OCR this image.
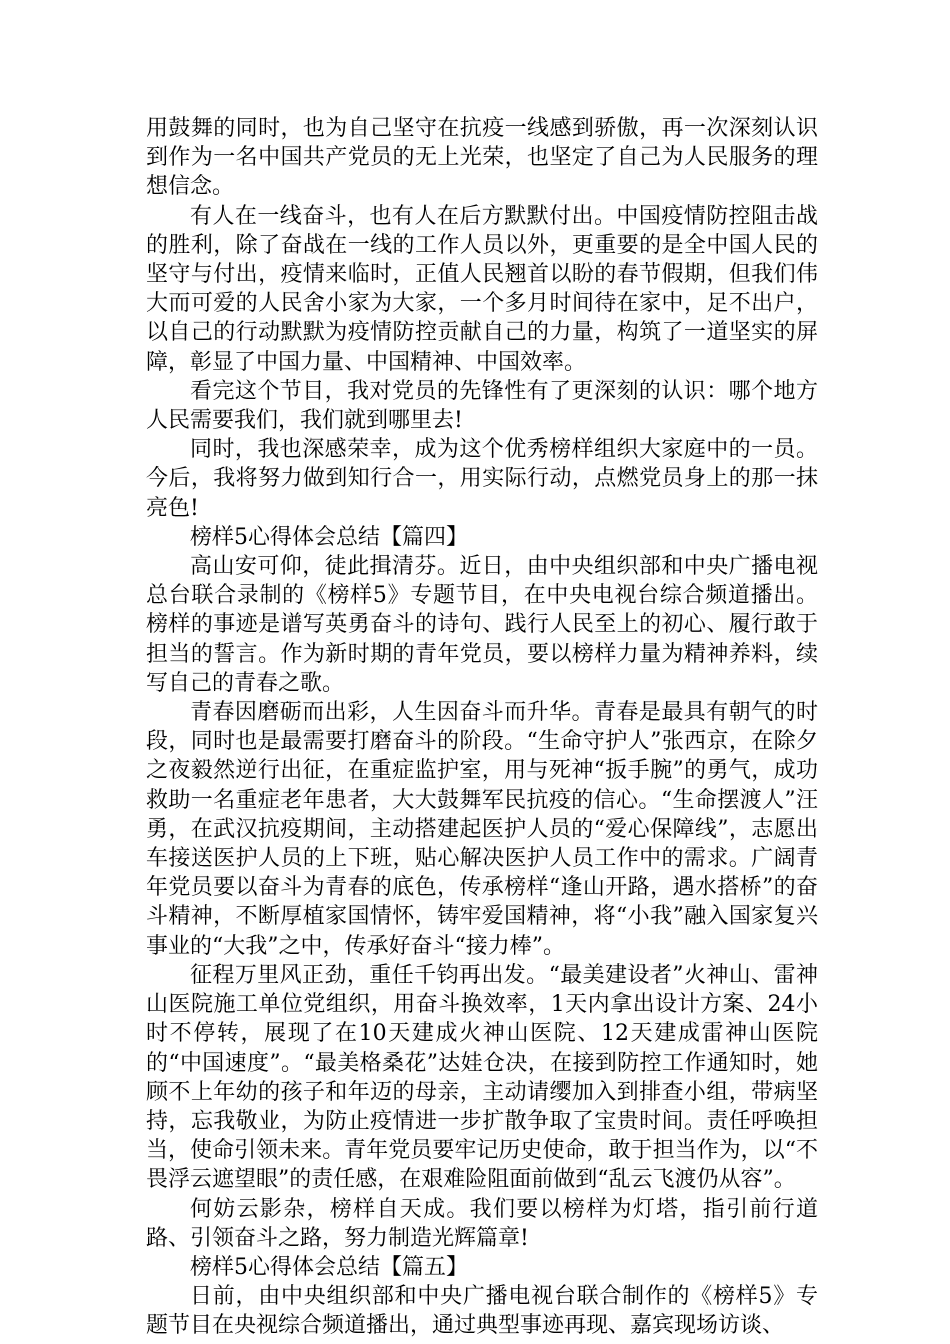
用鼓舞的同时，也为自己坚守在抗疫一线感到骄傲，再一次深刻认识到作为一名中国共产党员的无上光荣，也坚定了自己为人民服务的理想信念。

有人在一线奋斗，也有人在后方默默付出。中国疫情防控阻击战的胜利，除了奋战在一线的工作人员以外，更重要的是全中国人民的坚守与付出，疫情来临时，正值人民翘首以盼的春节假期，但我们伟大而可爱的人民舍小家为大家，一个多月时间待在家中，足不出户，以自己的行动默默为疫情防控贡献自己的力量，构筑了一道坚实的屏障，彰显了中国力量、中国精神、中国效率。

看完这个节目，我对党员的先锋性有了更深刻的认识：哪个地方人民需要我们，我们就到哪里去!

同时，我也深感荣幸，成为这个优秀榜样组织大家庭中的一员。今后，我将努力做到知行合一，用实际行动，点燃党员身上的那一抹亮色!

榜样5心得体会总结【篇四】

高山安可仰，徒此揖清芬。近日，由中央组织部和中央广播电视总台联合录制的《榜样5》专题节目，在中央电视台综合频道播出。榜样的事迹是谱写英勇奋斗的诗句、践行人民至上的初心、履行敢于担当的誓言。作为新时期的青年党员，要以榜样力量为精神养料，续写自己的青春之歌。

青春因磨砺而出彩，人生因奋斗而升华。青春是最具有朝气的时段，同时也是最需要打磨奋斗的阶段。“生命守护人”张西京，在除夕之夜毅然逆行出征，在重症监护室，用与死神“扳手腕”的勇气，成功救助一名重症老年患者，大大鼓舞军民抗疫的信心。“生命摆渡人”汪勇，在武汉抗疫期间，主动搭建起医护人员的“爱心保障线”，志愿出车接送医护人员的上下班，贴心解决医护人员工作中的需求。广阔青年党员要以奋斗为青春的底色，传承榜样“逢山开路，遇水搭桥”的奋斗精神，不断厚植家国情怀，铸牢爱国精神，将“小我”融入国家复兴事业的“大我”之中，传承好奋斗“接力棒”。

征程万里风正劲，重任千钧再出发。“最美建设者”火神山、雷神山医院施工单位党组织，用奋斗换效率，1天内拿出设计方案、24小时不停转，展现了在10天建成火神山医院、12天建成雷神山医院的“中国速度”。“最美格桑花”达娃仓决，在接到防控工作通知时，她顾不上年幼的孩子和年迈的母亲，主动请缨加入到排查小组，带病坚持，忘我敬业，为防止疫情进一步扩散争取了宝贵时间。责任呼唤担当，使命引领未来。青年党员要牢记历史使命，敢于担当作为，以“不畏浮云遮望眼”的责任感，在艰难险阻面前做到“乱云飞渡仍从容”。

何妨云影杂，榜样自天成。我们要以榜样为灯塔，指引前行道路、引领奋斗之路，努力制造光辉篇章!

榜样5心得体会总结【篇五】

日前，由中央组织部和中央广播电视台联合制作的《榜样5》专题节目在央视综合频道播出，通过典型事迹再现、嘉宾现场访谈、
